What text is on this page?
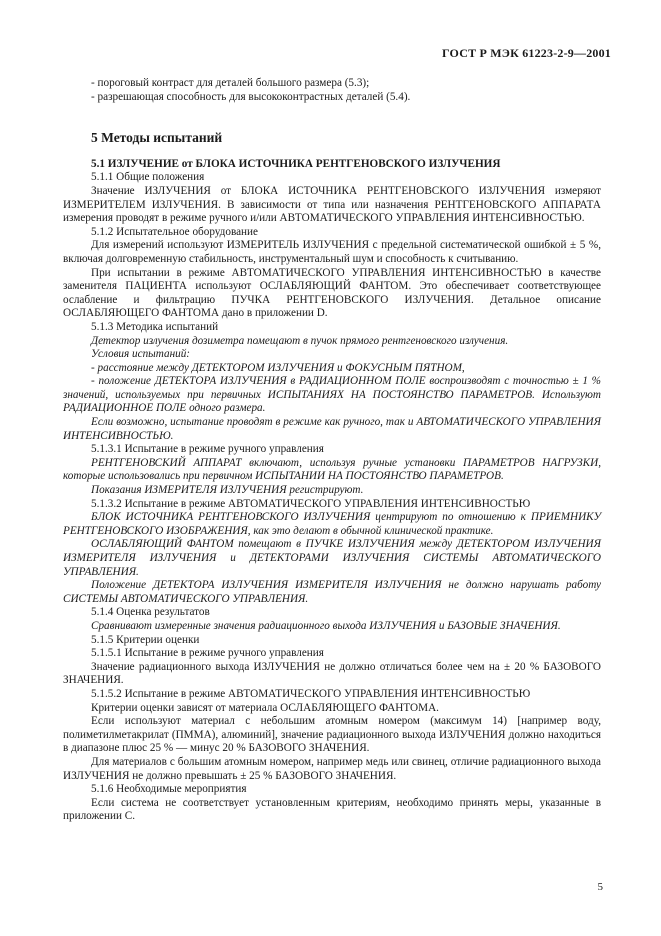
ГОСТ Р МЭК 61223-2-9—2001

- пороговый контраст для деталей большого размера (5.3);

- разрешающая способность для высококонтрастных деталей (5.4).

5 Методы испытаний
5.1 ИЗЛУЧЕНИЕ от БЛОКА ИСТОЧНИКА РЕНТГЕНОВСКОГО ИЗЛУЧЕНИЯ

5.1.1 Общие положения

Значение ИЗЛУЧЕНИЯ от БЛОКА ИСТОЧНИКА РЕНТГЕНОВСКОГО ИЗЛУЧЕНИЯ измеряют ИЗМЕРИТЕЛЕМ ИЗЛУЧЕНИЯ. В зависимости от типа или назначения РЕНТГЕНОВСКОГО АППАРАТА измерения проводят в режиме ручного и/или АВТОМАТИЧЕСКОГО УПРАВЛЕНИЯ ИНТЕНСИВНОСТЬЮ.

5.1.2 Испытательное оборудование

Для измерений используют ИЗМЕРИТЕЛЬ ИЗЛУЧЕНИЯ с предельной систематической ошибкой ± 5 %, включая долговременную стабильность, инструментальный шум и способность к считыванию.

При испытании в режиме АВТОМАТИЧЕСКОГО УПРАВЛЕНИЯ ИНТЕНСИВНОСТЬЮ в качестве заменителя ПАЦИЕНТА используют ОСЛАБЛЯЮЩИЙ ФАНТОМ. Это обеспечивает соответствующее ослабление и фильтрацию ПУЧКА РЕНТГЕНОВСКОГО ИЗЛУЧЕНИЯ. Детальное описание ОСЛАБЛЯЮЩЕГО ФАНТОМА дано в приложении D.

5.1.3 Методика испытаний

Детектор излучения дозиметра помещают в пучок прямого рентгеновского излучения.

Условия испытаний:

- расстояние между ДЕТЕКТОРОМ ИЗЛУЧЕНИЯ и ФОКУСНЫМ ПЯТНОМ,

- положение ДЕТЕКТОРА ИЗЛУЧЕНИЯ в РАДИАЦИОННОМ ПОЛЕ воспроизводят с точностью ± 1 % значений, используемых при первичных ИСПЫТАНИЯХ НА ПОСТОЯНСТВО ПАРАМЕТРОВ. Используют РАДИАЦИОННОЕ ПОЛЕ одного размера.

Если возможно, испытание проводят в режиме как ручного, так и АВТОМАТИЧЕСКОГО УПРАВЛЕНИЯ ИНТЕНСИВНОСТЬЮ.

5.1.3.1 Испытание в режиме ручного управления

РЕНТГЕНОВСКИЙ АППАРАТ включают, используя ручные установки ПАРАМЕТРОВ НАГРУЗКИ, которые использовались при первичном ИСПЫТАНИИ НА ПОСТОЯНСТВО ПАРАМЕТРОВ.

Показания ИЗМЕРИТЕЛЯ ИЗЛУЧЕНИЯ регистрируют.

5.1.3.2 Испытание в режиме АВТОМАТИЧЕСКОГО УПРАВЛЕНИЯ ИНТЕНСИВНОСТЬЮ

БЛОК ИСТОЧНИКА РЕНТГЕНОВСКОГО ИЗЛУЧЕНИЯ центрируют по отношению к ПРИЕМНИКУ РЕНТГЕНОВСКОГО ИЗОБРАЖЕНИЯ, как это делают в обычной клинической практике.

ОСЛАБЛЯЮЩИЙ ФАНТОМ помещают в ПУЧКЕ ИЗЛУЧЕНИЯ между ДЕТЕКТОРОМ ИЗЛУЧЕНИЯ ИЗМЕРИТЕЛЯ ИЗЛУЧЕНИЯ и ДЕТЕКТОРАМИ ИЗЛУЧЕНИЯ СИСТЕМЫ АВТОМАТИЧЕСКОГО УПРАВЛЕНИЯ.

Положение ДЕТЕКТОРА ИЗЛУЧЕНИЯ ИЗМЕРИТЕЛЯ ИЗЛУЧЕНИЯ не должно нарушать работу СИСТЕМЫ АВТОМАТИЧЕСКОГО УПРАВЛЕНИЯ.

5.1.4 Оценка результатов

Сравнивают измеренные значения радиационного выхода ИЗЛУЧЕНИЯ и БАЗОВЫЕ ЗНАЧЕНИЯ.

5.1.5 Критерии оценки

5.1.5.1 Испытание в режиме ручного управления

Значение радиационного выхода ИЗЛУЧЕНИЯ не должно отличаться более чем на ± 20 % БАЗОВОГО ЗНАЧЕНИЯ.

5.1.5.2 Испытание в режиме АВТОМАТИЧЕСКОГО УПРАВЛЕНИЯ ИНТЕНСИВНОСТЬЮ

Критерии оценки зависят от материала ОСЛАБЛЯЮЩЕГО ФАНТОМА.

Если используют материал с небольшим атомным номером (максимум 14) [например воду, полиметилметакрилат (ПММА), алюминий], значение радиационного выхода ИЗЛУЧЕНИЯ должно находиться в диапазоне плюс 25 % — минус 20 % БАЗОВОГО ЗНАЧЕНИЯ.

Для материалов с большим атомным номером, например медь или свинец, отличие радиационного выхода ИЗЛУЧЕНИЯ не должно превышать ± 25 % БАЗОВОГО ЗНАЧЕНИЯ.

5.1.6 Необходимые мероприятия

Если система не соответствует установленным критериям, необходимо принять меры, указанные в приложении С.

5
